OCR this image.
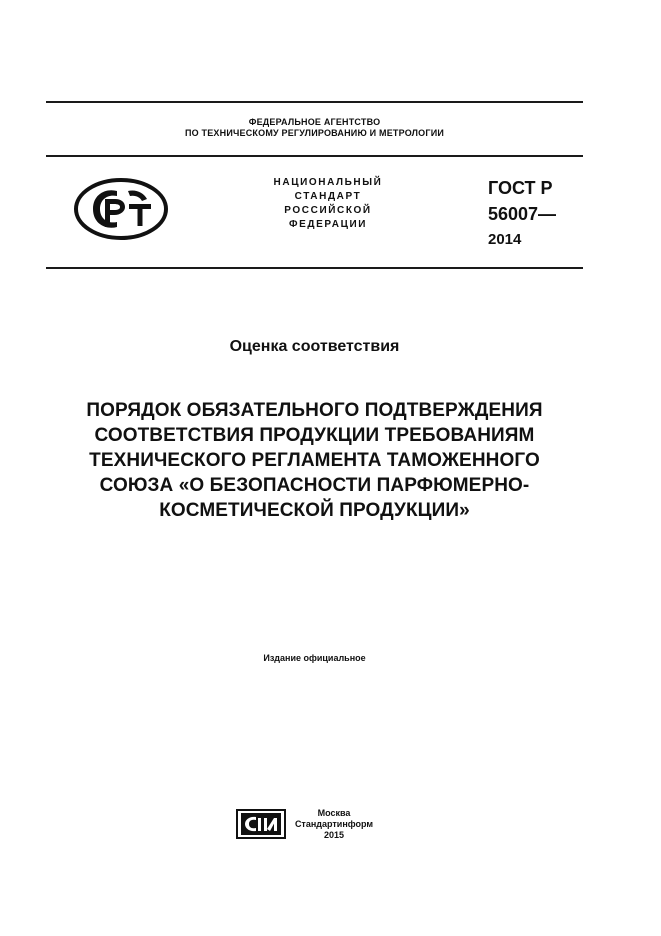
ФЕДЕРАЛЬНОЕ АГЕНТСТВО
ПО ТЕХНИЧЕСКОМУ РЕГУЛИРОВАНИЮ И МЕТРОЛОГИИ
НАЦИОНАЛЬНЫЙ
СТАНДАРТ
РОССИЙСКОЙ
ФЕДЕРАЦИИ
ГОСТ Р
56007—
2014
Оценка соответствия
ПОРЯДОК ОБЯЗАТЕЛЬНОГО ПОДТВЕРЖДЕНИЯ
СООТВЕТСТВИЯ ПРОДУКЦИИ ТРЕБОВАНИЯМ
ТЕХНИЧЕСКОГО РЕГЛАМЕНТА ТАМОЖЕННОГО
СОЮЗА «О БЕЗОПАСНОСТИ ПАРФЮМЕРНО-
КОСМЕТИЧЕСКОЙ ПРОДУКЦИИ»
Издание официальное
Москва
Стандартинформ
2015
